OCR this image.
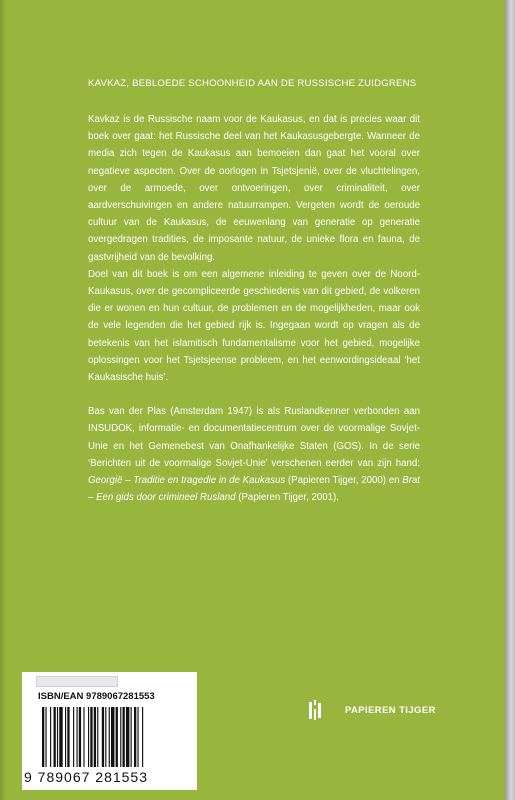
KAVKAZ, BEBLOEDE SCHOONHEID AAN DE RUSSISCHE ZUIDGRENS

Kavkaz is de Russische naam voor de Kaukasus, en dat is precies waar dit boek over gaat: het Russische deel van het Kaukasusgebergte. Wanneer de media zich tegen de Kaukasus aan bemoeien dan gaat het vooral over negatieve aspecten. Over de oorlogen in Tsjetsjenië, over de vluchtelingen, over de armoede, over ontvoeringen, over criminaliteit, over aardverschuivingen en andere natuurrampen. Vergeten wordt de oeroude cultuur van de Kaukasus, de eeuwenlang van generatie op generatie overgedragen tradities, de imposante natuur, de unieke flora en fauna, de gastvrijheid van de bevolking.

Doel van dit boek is om een algemene inleiding te geven over de Noord-Kaukasus, over de gecompliceerde geschiedenis van dit gebied, de volkeren die er wonen en hun cultuur, de problemen en de mogelijkheden, maar ook de vele legenden die het gebied rijk is. Ingegaan wordt op vragen als de betekenis van het islamitisch fundamentalisme voor het gebied, mogelijke oplossingen voor het Tsjetsjeense probleem, en het eenwordingsideaal ‘het Kaukasische huis’.

Bas van der Plas (Amsterdam 1947) is als Ruslandkenner verbonden aan INSUDOK, informatie- en documentatiecentrum over de voormalige Sovjet-Unie en het Gemenebest van Onafhankelijke Staten (GOS). In de serie ‘Berichten uit de voormalige Sovjet-Unie’ verschenen eerder van zijn hand: Georgië – Traditie en tragedie in de Kaukasus (Papieren Tijger, 2000) en Brat – Een gids door crimineel Rusland (Papieren Tijger, 2001).

ISBN/EAN 9789067281553
9 789067 281553
PAPIEREN TIJGER
